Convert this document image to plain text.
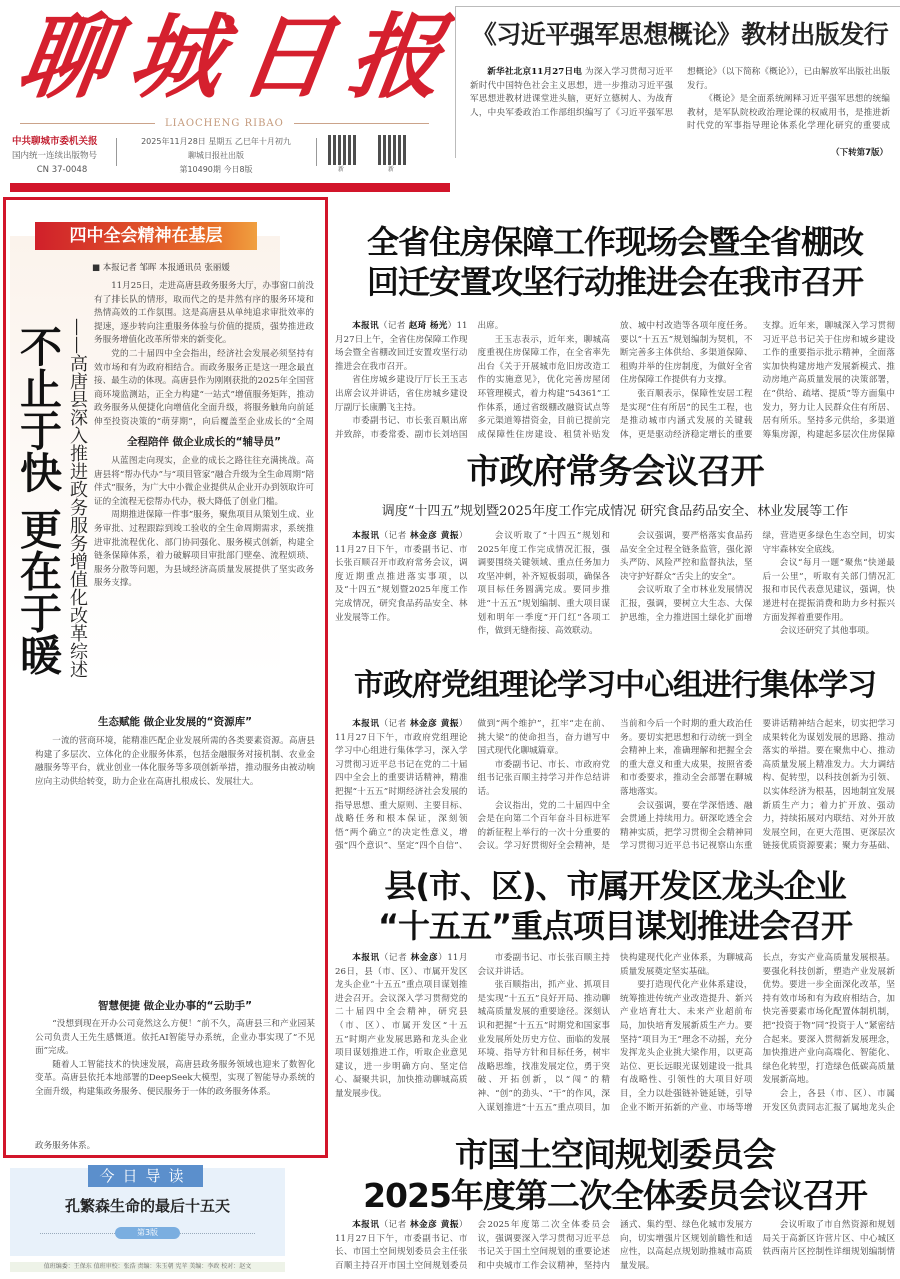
聊城日报
LIAOCHENG RIBAO
中共聊城市委机关报
国内统一连续出版物号
CN 37-0048
2025年11月28日 星期五 乙巳年十月初九
聊城日报社出版
第10490期 今日8版	新	新
《习近平强军思想概论》教材出版发行

新华社北京11月27日电 为深入学习贯彻习近平新时代中国特色社会主义思想，进一步推动习近平强军思想进教材进课堂进头脑，更好立德树人、为战育人，中央军委政治工作部组织编写了《习近平强军思想概论》（以下简称《概论》），已由解放军出版社出版发行。

《概论》是全面系统阐释习近平强军思想的统编教材，是军队院校政治理论课的权威用书，是推进新时代党的军事指导理论体系化学理化研究的重要成

（下转第7版）
四中全会精神在基层
■ 本报记者 邹晖 本报通讯员 张丽媛
不止于快 更在于暖 ——高唐县深入推进政务服务增值化改革综述

11月25日，走进高唐县政务服务大厅，办事窗口前没有了排长队的情形，取而代之的是井然有序的服务环境和热情高效的工作氛围。这是高唐县从单纯追求审批效率的提速，逐步转向注重服务体验与价值的提质，强势推进政务服务增值化改革所带来的新变化。

党的二十届四中全会指出，经济社会发展必须坚持有效市场和有为政府相结合。而政务服务正是这一理念最直接、最生动的体现。高唐县作为刚刚获批的2025年全国营商环境监测站，正全力构建“一站式”增值服务矩阵，推动政务服务从便捷化向增值化全面升级，将服务触角向前延伸至投资决策的“萌芽期”，向后覆盖至企业成长的“全周

全程陪伴 做企业成长的“辅导员”

从蓝图走向现实，企业的成长之路往往充满挑战。高唐县将“帮办代办”与“项目管家”融合升级为全生命周期“陪伴式”服务，为广大中小微企业提供从企业开办到领取许可证的全流程无偿帮办代办，极大降低了创业门槛。

周期推进保障一件事”服务，聚焦项目从策划生成、业务审批、过程跟踪到竣工验收的全生命周期需求，系统推进审批流程优化、部门协同强化、服务模式创新，构建全链条保障体系，着力破解项目审批部门壁垒、流程烦琐、服务分散等问题，为县域经济高质量发展提供了坚实政务服务支撑。

生态赋能 做企业发展的“资源库”

一流的营商环境，能精准匹配企业发展所需的各类要素资源。高唐县构建了多层次、立体化的企业服务体系，包括金融服务对接机制、农业金融服务等平台，就业创业一体化服务等多项创新举措，推动服务由被动响应向主动供给转变，助力企业在高唐扎根成长、发展壮大。

智慧便捷 做企业办事的“云助手”

“没想到现在开办公司竟然这么方便！”前不久，高唐县三和产业园某公司负责人王先生感慨道。依托AI智能导办系统，企业办事实现了“不见面”完成。

随着人工智能技术的快速发展，高唐县政务服务领域也迎来了数智化变革。高唐县依托本地部署的DeepSeek大模型，实现了智能导办系统的全面升级，构建集政务服务、便民服务于一体的政务服务体系。

政务服务体系。
今日导读
孔繁森生命的最后十五天
第3版
值班编委：王保东 值班审校：张浩 责编：朱玉朝 宪苹 美编：李政 校对：赵文
全省住房保障工作现场会暨全省棚改
回迁安置攻坚行动推进会在我市召开

本报讯（记者 赵琦 杨光）11月27日上午，全省住房保障工作现场会暨全省棚改回迁安置攻坚行动推进会在我市召开。

省住房城乡建设厅厅长王玉志出席会议并讲话，省住房城乡建设厅副厅长康鹏飞主持。

市委副书记、市长张百顺出席并致辞，市委常委、副市长刘培国出席。

王玉志表示，近年来，聊城高度重视住房保障工作，在全省率先出台《关于开展城市危旧房改造工作的实施意见》，优化完善房屋闭环管理模式，着力构建“54361”工作体系，通过省级棚改融资试点等多元渠道筹措资金，目前已提前完成保障性住房建设、租赁补贴发放、城中村改造等各项年度任务。要以“十五五”规划编制为契机，不断完善多主体供给、多渠道保障、租购并举的住房制度，为做好全省住房保障工作提供有力支撑。

张百顺表示，保障性安居工程是实现“住有所居”的民生工程，也是推动城市内涵式发展的关键载体，更是驱动经济稳定增长的重要支撑。近年来，聊城深入学习贯彻习近平总书记关于住房和城乡建设工作的重要指示批示精神，全面落实加快构建房地产发展新模式、推动房地产高质量发展的决策部署，在“供给、疏堵、提质”等方面集中发力，努力让人民群众住有所居、居有所乐。坚持多元供给，多渠道筹集房源，构建起多层次住房保障

市政府常务会议召开
调度“十四五”规划暨2025年度工作完成情况 研究食品药品安全、林业发展等工作

本报讯（记者 林金彦 黄振）11月27日下午，市委副书记、市长张百顺召开市政府常务会议，调度近期重点推进落实事项，以及“十四五”规划暨2025年度工作完成情况，研究食品药品安全、林业发展等工作。

会议听取了“十四五”规划和2025年度工作完成情况汇报，强调要围绕关键领域、重点任务加力攻坚冲刺，补齐短板弱项，确保各项目标任务圆满完成。要同步推进“十五五”规划编制、重大项目谋划和明年一季度“开门红”各项工作，做到无缝衔接、高效联动。

会议强调，要严格落实食品药品安全全过程全链条监管，强化源头严防、风险严控和监督执法，坚决守护好群众“舌尖上的安全”。

会议听取了全市林业发展情况汇报，强调，要树立大生态、大保护思维，全力推进国土绿化扩面增绿，营造更多绿色生态空间，切实守牢森林安全底线。

会议“每月一题”聚焦“快递最后一公里”，听取有关部门情况汇报和市民代表意见建议，强调，快递进村在提振消费和助力乡村振兴方面发挥着重要作用。

会议还研究了其他事项。

市政府党组理论学习中心组进行集体学习

本报讯（记者 林金彦 黄振）11月27日下午，市政府党组理论学习中心组进行集体学习，深入学习贯彻习近平总书记在党的二十届四中全会上的重要讲话精神，精准把握“十五五”时期经济社会发展的指导思想、重大原则、主要目标、战略任务和根本保证，深刻领悟“两个确立”的决定性意义，增强“四个意识”、坚定“四个自信”、做到“两个维护”，扛牢“走在前、挑大梁”的使命担当，奋力谱写中国式现代化聊城篇章。

市委副书记、市长、市政府党组书记张百顺主持学习并作总结讲话。

会议指出，党的二十届四中全会是在向第二个百年奋斗目标进军的新征程上举行的一次十分重要的会议。学习好贯彻好全会精神，是当前和今后一个时期的重大政治任务。要切实把思想和行动统一到全会精神上来，准确理解和把握全会的重大意义和重大成果，按照省委和市委要求，推动全会部署在聊城落地落实。

会议强调，要在学深悟透、融会贯通上持续用力。研深吃透全会精神实质，把学习贯彻全会精神同学习贯彻习近平总书记视察山东重要讲话精神结合起来，切实把学习成果转化为谋划发展的思路、推动落实的举措。要在聚焦中心、推动高质量发展上精准发力。大力调结构、促转型，以科技创新为引领、以实体经济为根基，因地制宜发展新质生产力；着力扩开放、强动力，持续拓展对内联结、对外开放发展空间，在更大范围、更深层次链接优质资源要素；聚力夯基础、

县(市、区)、市属开发区龙头企业
“十五五”重点项目谋划推进会召开

本报讯（记者 林金彦）11月26日，县（市、区）、市属开发区龙头企业“十五五”重点项目谋划推进会召开。会议深入学习贯彻党的二十届四中全会精神，研究县（市、区）、市属开发区“十五五”时期产业发展思路和龙头企业项目谋划推进工作，听取企业意见建议，进一步明确方向、坚定信心、凝聚共识，加快推动聊城高质量发展步伐。

市委副书记、市长张百顺主持会议并讲话。

张百顺指出，抓产业、抓项目是实现“十五五”良好开局、推动聊城高质量发展的重要途径。深刻认识和把握“十五五”时期党和国家事业发展所处历史方位、面临的发展环境、指导方针和目标任务，树牢战略思维，找准发展定位，勇于突破、开拓创新，以“闯”的精神、“创”的劲头、“干”的作风，深入谋划推进“十五五”重点项目，加快构建现代化产业体系，为聊城高质量发展奠定坚实基础。

要打造现代化产业体系建设，统筹推进传统产业改造提升、新兴产业培育壮大、未来产业超前布局，加快培育发展新质生产力。要坚持“项目为王”理念不动摇，充分发挥龙头企业挑大梁作用，以更高站位、更长远眼光谋划建设一批具有战略性、引领性的大项目好项目，全力以赴强链补链延链，引导企业不断开拓新的产业、市场等增长点，夯实产业高质量发展根基。要强化科技创新，塑造产业发展新优势。要进一步全面深化改革，坚持有效市场和有为政府相结合，加快完善要素市场化配置体制机制，把“投资于物”同“投资于人”紧密结合起来。要深入贯彻新发展理念，加快推进产业向高端化、智能化、绿色化转型，打造绿色低碳高质量发展新高地。

会上，各县（市、区）、市属开发区负责同志汇报了属地龙头企

市国土空间规划委员会
2025年度第二次全体委员会议召开

本报讯（记者 林金彦 黄振）11月27日下午，市委副书记、市长、市国土空间规划委员会主任张百顺主持召开市国土空间规划委员会2025年度第二次全体委员会议，强调要深入学习贯彻习近平总书记关于国土空间规划的重要论述和中央城市工作会议精神，坚持内涵式、集约型、绿色化城市发展方向，切实增强片区规划前瞻性和适应性，以高起点规划助推城市高质量发展。

会议听取了市自然资源和规划局关于高新区许营片区、中心城区铁西南片区控制性详细规划编制情
